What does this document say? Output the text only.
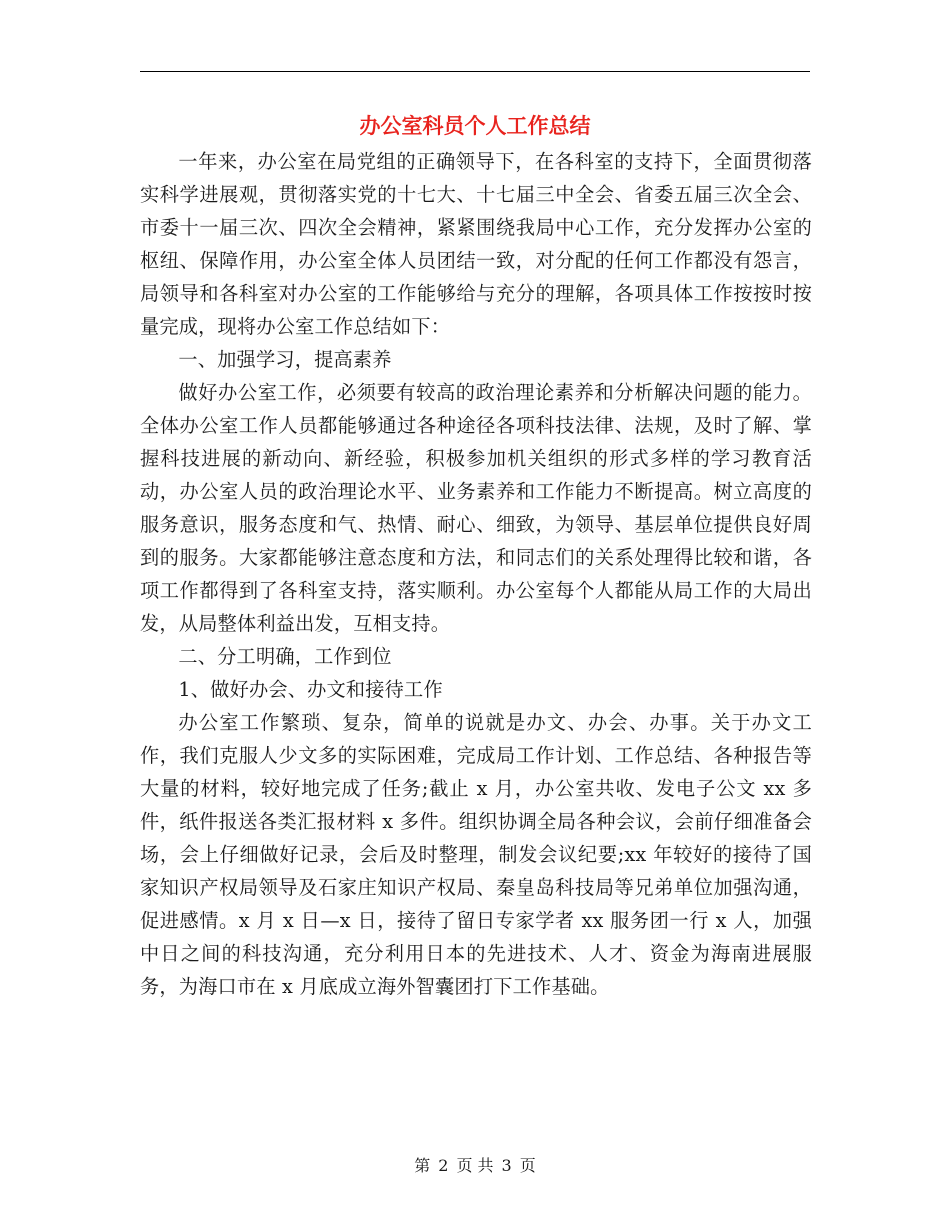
办公室科员个人工作总结

一年来，办公室在局党组的正确领导下，在各科室的支持下，全面贯彻落实科学进展观，贯彻落实党的十七大、十七届三中全会、省委五届三次全会、市委十一届三次、四次全会精神，紧紧围绕我局中心工作，充分发挥办公室的枢纽、保障作用，办公室全体人员团结一致，对分配的任何工作都没有怨言，局领导和各科室对办公室的工作能够给与充分的理解，各项具体工作按按时按量完成，现将办公室工作总结如下：

一、加强学习，提高素养

做好办公室工作，必须要有较高的政治理论素养和分析解决问题的能力。全体办公室工作人员都能够通过各种途径各项科技法律、法规，及时了解、掌握科技进展的新动向、新经验，积极参加机关组织的形式多样的学习教育活动，办公室人员的政治理论水平、业务素养和工作能力不断提高。树立高度的服务意识，服务态度和气、热情、耐心、细致，为领导、基层单位提供良好周到的服务。大家都能够注意态度和方法，和同志们的关系处理得比较和谐，各项工作都得到了各科室支持，落实顺利。办公室每个人都能从局工作的大局出发，从局整体利益出发，互相支持。

二、分工明确，工作到位

1、做好办会、办文和接待工作

办公室工作繁琐、复杂，简单的说就是办文、办会、办事。关于办文工作，我们克服人少文多的实际困难，完成局工作计划、工作总结、各种报告等大量的材料，较好地完成了任务;截止 x 月，办公室共收、发电子公文 xx 多件，纸件报送各类汇报材料 x 多件。组织协调全局各种会议，会前仔细准备会场，会上仔细做好记录，会后及时整理，制发会议纪要;xx 年较好的接待了国家知识产权局领导及石家庄知识产权局、秦皇岛科技局等兄弟单位加强沟通，促进感情。x 月 x 日—x 日，接待了留日专家学者 xx 服务团一行 x 人，加强中日之间的科技沟通，充分利用日本的先进技术、人才、资金为海南进展服务，为海口市在 x 月底成立海外智囊团打下工作基础。

第 2 页 共 3 页
